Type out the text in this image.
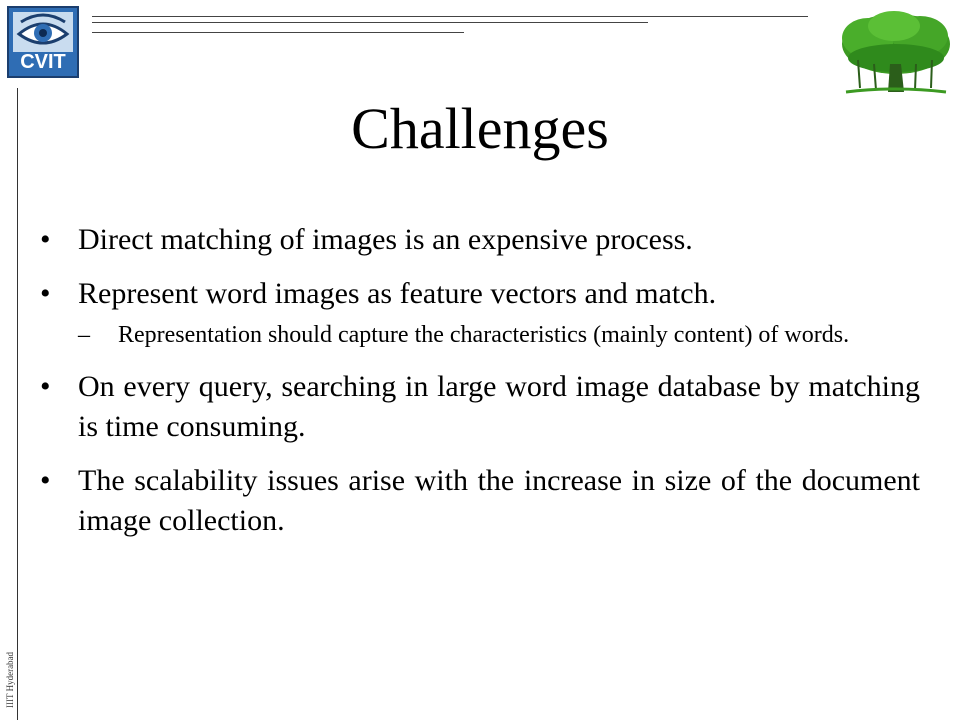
CVIT
IIIT Hyderabad
Challenges
• Direct matching of images is an expensive process.
• Represent word images as feature vectors and match.
– Representation should capture the characteristics (mainly content) of words.
• On every query, searching in large word image database by matching is time consuming.
• The scalability issues arise with the increase in size of the document image collection.
